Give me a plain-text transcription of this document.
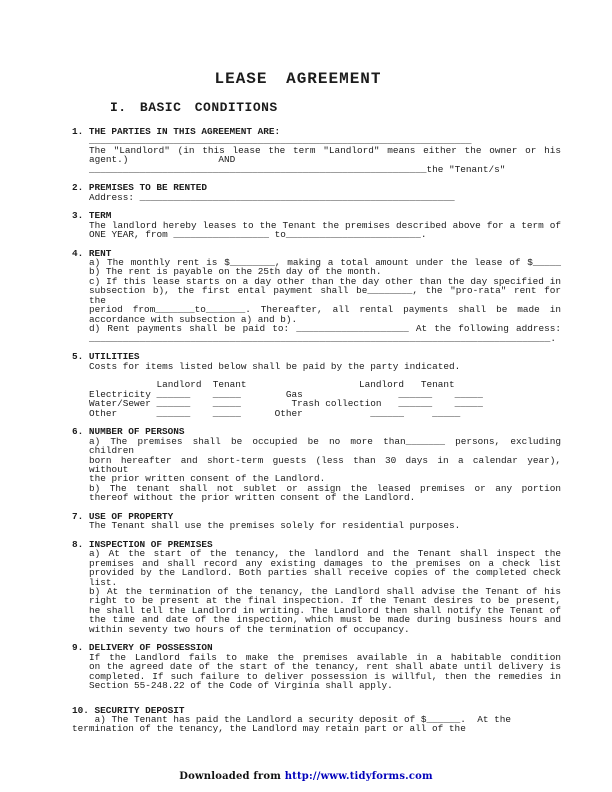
LEASE AGREEMENT
I. BASIC CONDITIONS
1. THE PARTIES IN THIS AGREEMENT ARE:
____________________________________________________________________
The "Landlord" (in this lease the term "Landlord" means either the owner or his
agent.)                AND
____________________________________________________________the "Tenant/s"
2. PREMISES TO BE RENTED
Address: ________________________________________________________
3. TERM
The landlord hereby leases to the Tenant the premises described above for a term of
ONE YEAR, from _________________ to________________________.
4. RENT
a) The monthly rent is $________, making a total amount under the lease of $_____
b) The rent is payable on the 25th day of the month.
c) If this lease starts on a day other than the day other than the day specified in
subsection b), the first ental payment shall be________, the "pro-rata" rent for the
period from_______to_______. Thereafter, all rental payments shall be made in
accordance with subsection a) and b).
d) Rent payments shall be paid to: ____________________ At the following address:
__________________________________________________________________________________.
5. UTILITIES
Costs for items listed below shall be paid by the party indicated.
Landlord  Tenant                    Landlord   Tenant
Electricity ______    _____        Gas                 ______    _____
Water/Sewer ______    _____         Trash collection   ______    _____
Other       ______    _____      Other            ______     _____
6. NUMBER OF PERSONS
a) The premises shall be occupied be no more than_______ persons, excluding children
born hereafter and short-term guests (less than 30 days in a calendar year), without
the prior written consent of the Landlord.
b) The tenant shall not sublet or assign the leased premises or any portion
thereof without the prior written consent of the Landlord.
7. USE OF PROPERTY
The Tenant shall use the premises solely for residential purposes.
8. INSPECTION OF PREMISES
a) At the start of the tenancy, the landlord and the Tenant shall inspect the
premises and shall record any existing damages to the premises on a check list
provided by the Landlord. Both parties shall receive copies of the completed check
list.
b) At the termination of the tenancy, the Landlord shall advise the Tenant of his
right to be present at the final inspection. If the Tenant desires to be present,
he shall tell the Landlord in writing. The Landlord then shall notify the Tenant of
the time and date of the inspection, which must be made during business hours and
within seventy two hours of the termination of occupancy.
9. DELIVERY OF POSSESSION
If the Landlord fails to make the premises available in a habitable condition
on the agreed date of the start of the tenancy, rent shall abate until delivery is
completed. If such failure to deliver possession is willful, then the remedies in
Section 55-248.22 of the Code of Virginia shall apply.
10. SECURITY DEPOSIT
a) The Tenant has paid the Landlord a security deposit of $______.  At the
termination of the tenancy, the Landlord may retain part or all of the
Downloaded from http://www.tidyforms.com
